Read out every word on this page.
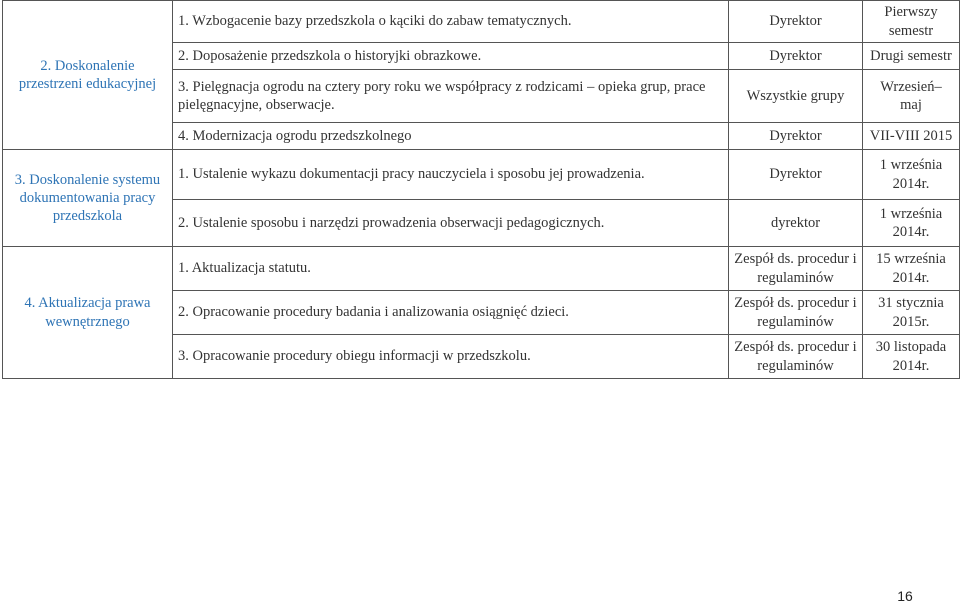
2. Doskonalenie przestrzeni edukacyjnej	1. Wzbogacenie bazy przedszkola o kąciki do zabaw tematycznych.	Dyrektor	Pierwszy semestr
	2. Doposażenie przedszkola o historyjki obrazkowe.	Dyrektor	Drugi semestr
	3. Pielęgnacja ogrodu na cztery pory roku we współpracy z rodzicami – opieka grup, prace pielęgnacyjne, obserwacje.	Wszystkie grupy	Wrzesień– maj
	4. Modernizacja ogrodu przedszkolnego	Dyrektor	VII-VIII 2015
3. Doskonalenie systemu dokumentowania pracy przedszkola	1. Ustalenie wykazu dokumentacji pracy nauczyciela i sposobu jej prowadzenia.	Dyrektor	1 września 2014r.
	2. Ustalenie sposobu i narzędzi prowadzenia obserwacji pedagogicznych.	dyrektor	1 września 2014r.
4. Aktualizacja prawa wewnętrznego	1. Aktualizacja statutu.	Zespół ds. procedur i regulaminów	15 września 2014r.
	2. Opracowanie procedury badania i analizowania osiągnięć dzieci.	Zespół ds. procedur i regulaminów	31 stycznia 2015r.
	3. Opracowanie procedury obiegu informacji w przedszkolu.	Zespół ds. procedur i regulaminów	30 listopada 2014r.
16
